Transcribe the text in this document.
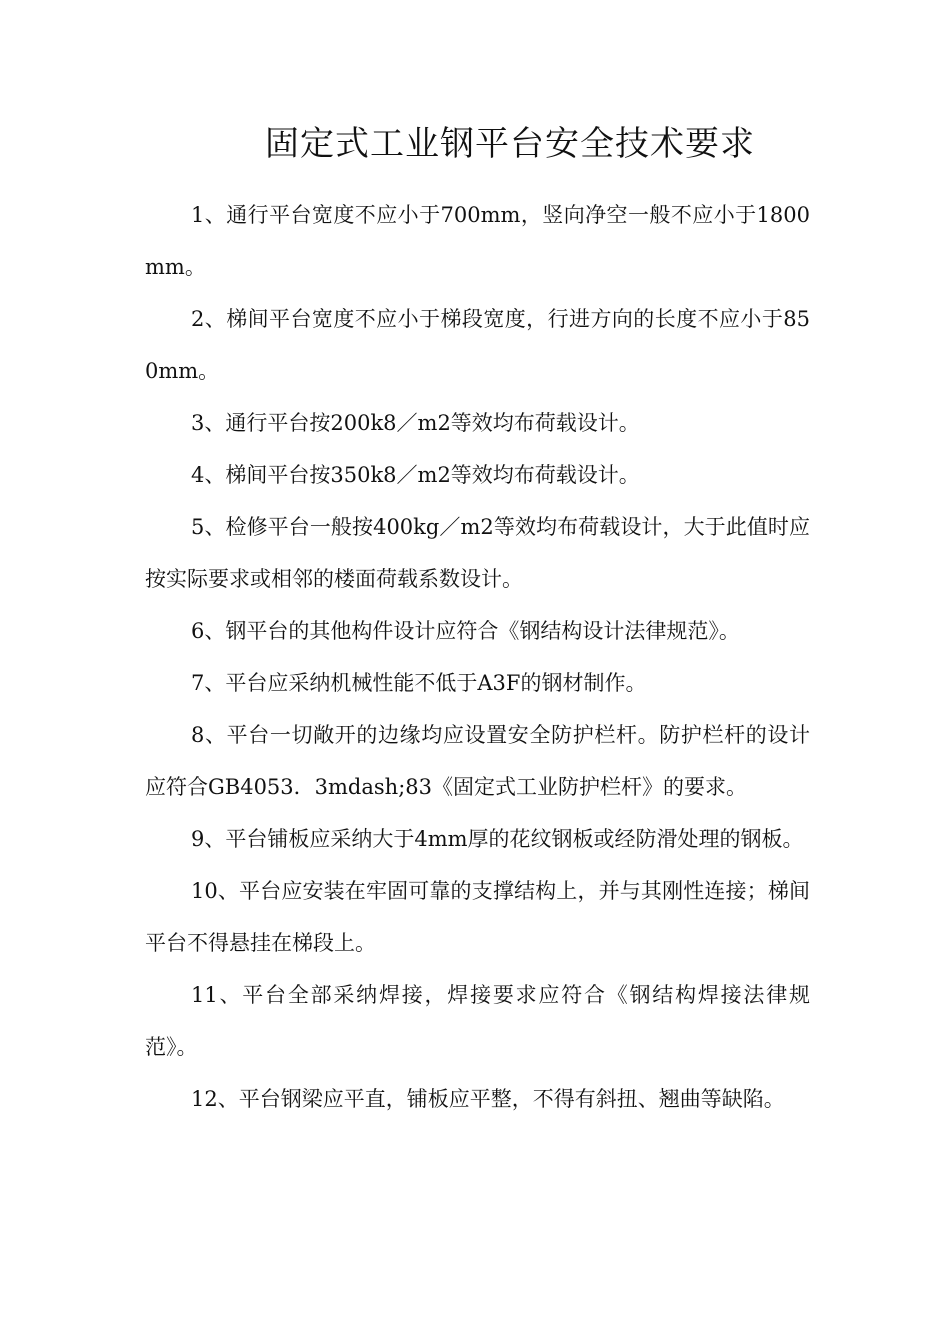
固定式工业钢平台安全技术要求

1、通行平台宽度不应小于700mm，竖向净空一般不应小于1800mm。

2、梯间平台宽度不应小于梯段宽度，行进方向的长度不应小于850mm。

3、通行平台按200k8／m2等效均布荷载设计。

4、梯间平台按350k8／m2等效均布荷载设计。

5、检修平台一般按400kg／m2等效均布荷载设计，大于此值时应按实际要求或相邻的楼面荷载系数设计。

6、钢平台的其他构件设计应符合《钢结构设计法律规范》。

7、平台应采纳机械性能不低于A3F的钢材制作。

8、平台一切敞开的边缘均应设置安全防护栏杆。防护栏杆的设计应符合GB4053．3mdash;83《固定式工业防护栏杆》的要求。

9、平台铺板应采纳大于4mm厚的花纹钢板或经防滑处理的钢板。

10、平台应安装在牢固可靠的支撑结构上，并与其刚性连接；梯间平台不得悬挂在梯段上。

11、平台全部采纳焊接，焊接要求应符合《钢结构焊接法律规范》。

12、平台钢梁应平直，铺板应平整，不得有斜扭、翘曲等缺陷。
